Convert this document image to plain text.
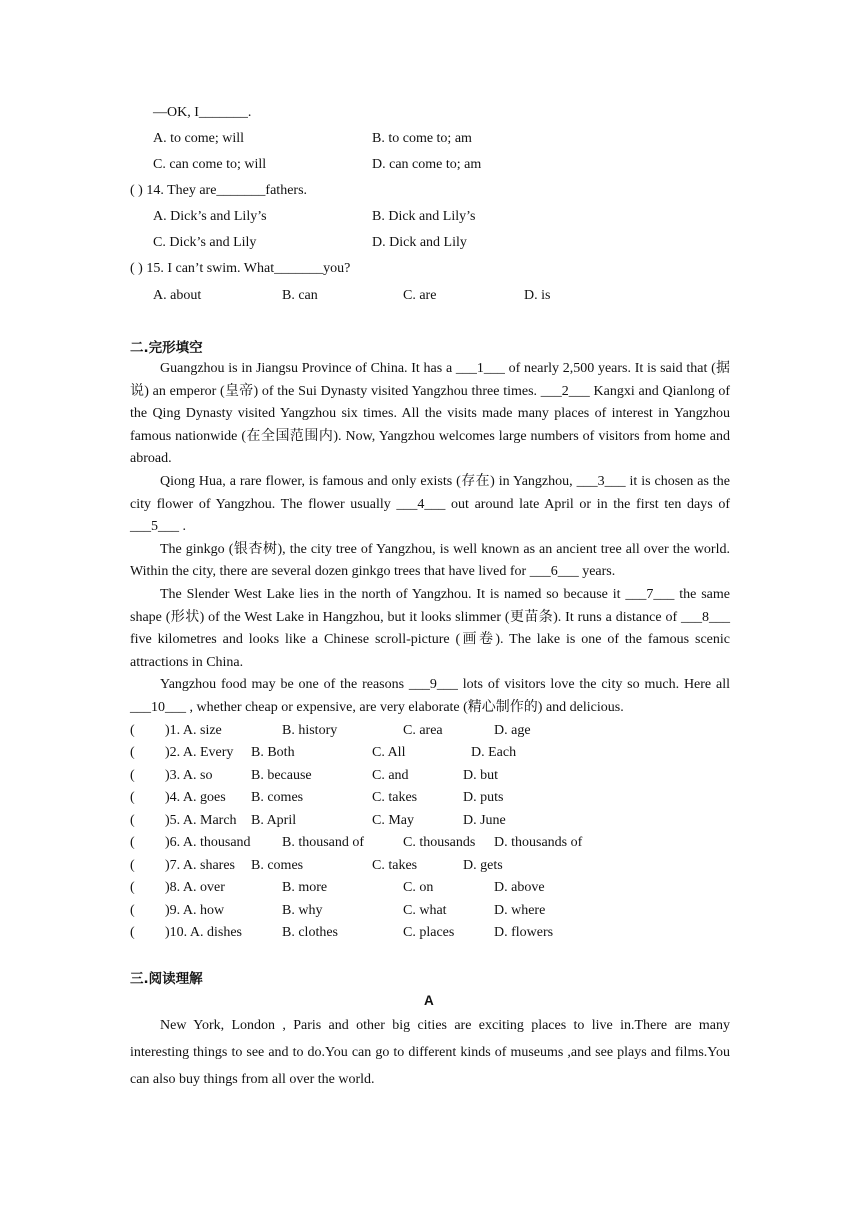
—OK, I_______.
A. to come; will	B. to come to; am
C. can come to; will	D. can come to; am
( ) 14. They are_______fathers.
A. Dick’s and Lily’s	B. Dick and Lily’s
C. Dick’s and Lily	D. Dick and Lily
( ) 15. I can’t swim. What_______you?
A. about	B. can	C. are	D. is
二.完形填空

Guangzhou is in Jiangsu Province of China. It has a ___1___ of nearly 2,500 years. It is said that (据说) an emperor (皇帝) of the Sui Dynasty visited Yangzhou three times. ___2___ Kangxi and Qianlong of the Qing Dynasty visited Yangzhou six times. All the visits made many places of interest in Yangzhou famous nationwide (在全国范围内). Now, Yangzhou welcomes large numbers of visitors from home and abroad.

Qiong Hua, a rare flower, is famous and only exists (存在) in Yangzhou, ___3___ it is chosen as the city flower of Yangzhou. The flower usually ___4___ out around late April or in the first ten days of ___5___ .

The ginkgo (银杏树), the city tree of Yangzhou, is well known as an ancient tree all over the world. Within the city, there are several dozen ginkgo trees that have lived for ___6___ years.

The Slender West Lake lies in the north of Yangzhou. It is named so because it ___7___ the same shape (形状) of the West Lake in Hangzhou, but it looks slimmer (更苗条). It runs a distance of ___8___ five kilometres and looks like a Chinese scroll-picture (画卷). The lake is one of the famous scenic attractions in China.

Yangzhou food may be one of the reasons ___9___ lots of visitors love the city so much. Here all ___10___ , whether cheap or expensive, are very elaborate (精心制作的) and delicious.

( )1. A. size	B. history	C. area	D. age
( )2. A. Every B. Both	C. All	D. Each
( )3. A. so	B. because	C. and	D. but
( )4. A. goes B. comes	C. takes	D. puts
( )5. A. March B. April	C. May	D. June
( )6. A. thousand B. thousand of	C. thousands D. thousands of
( )7. A. shares B. comes	C. takes	D. gets
( )8. A. over	B. more	C. on	D. above
( )9. A. how	B. why	C. what	D. where
( )10. A. dishes	B. clothes	C. places	D. flowers
三.阅读理解
A

New York, London , Paris and other big cities are exciting places to live in.There are many interesting things to see and to do.You can go to different kinds of museums ,and see plays and films.You can also buy things from all over the world.
